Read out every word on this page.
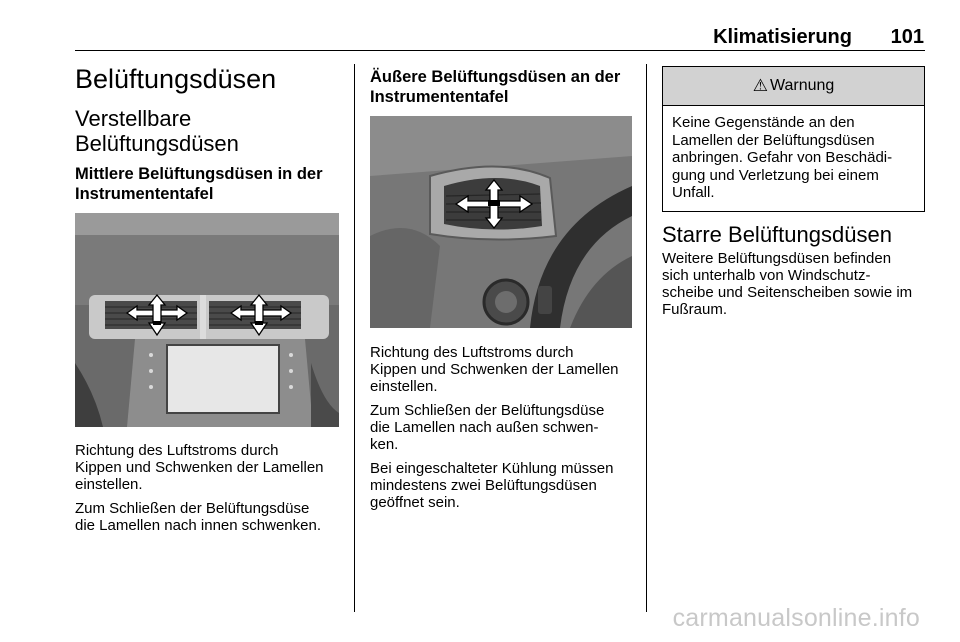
Klimatisierung	101
Belüftungsdüsen
Verstellbare
Belüftungsdüsen
Mittlere Belüftungsdüsen in der
Instrumententafel
Richtung des Luftstroms durch
Kippen und Schwenken der Lamellen
einstellen.
Zum Schließen der Belüftungsdüse
die Lamellen nach innen schwenken.
Äußere Belüftungsdüsen an der
Instrumententafel
Richtung des Luftstroms durch
Kippen und Schwenken der Lamellen
einstellen.
Zum Schließen der Belüftungsdüse
die Lamellen nach außen schwen-
ken.
Bei eingeschalteter Kühlung müssen
mindestens zwei Belüftungsdüsen
geöffnet sein.
⚠ Warnung
Keine Gegenstände an den
Lamellen der Belüftungsdüsen
anbringen. Gefahr von Beschädi-
gung und Verletzung bei einem
Unfall.
Starre Belüftungsdüsen
Weitere Belüftungsdüsen befinden
sich unterhalb von Windschutz-
scheibe und Seitenscheiben sowie im
Fußraum.
carmanualsonline.info
